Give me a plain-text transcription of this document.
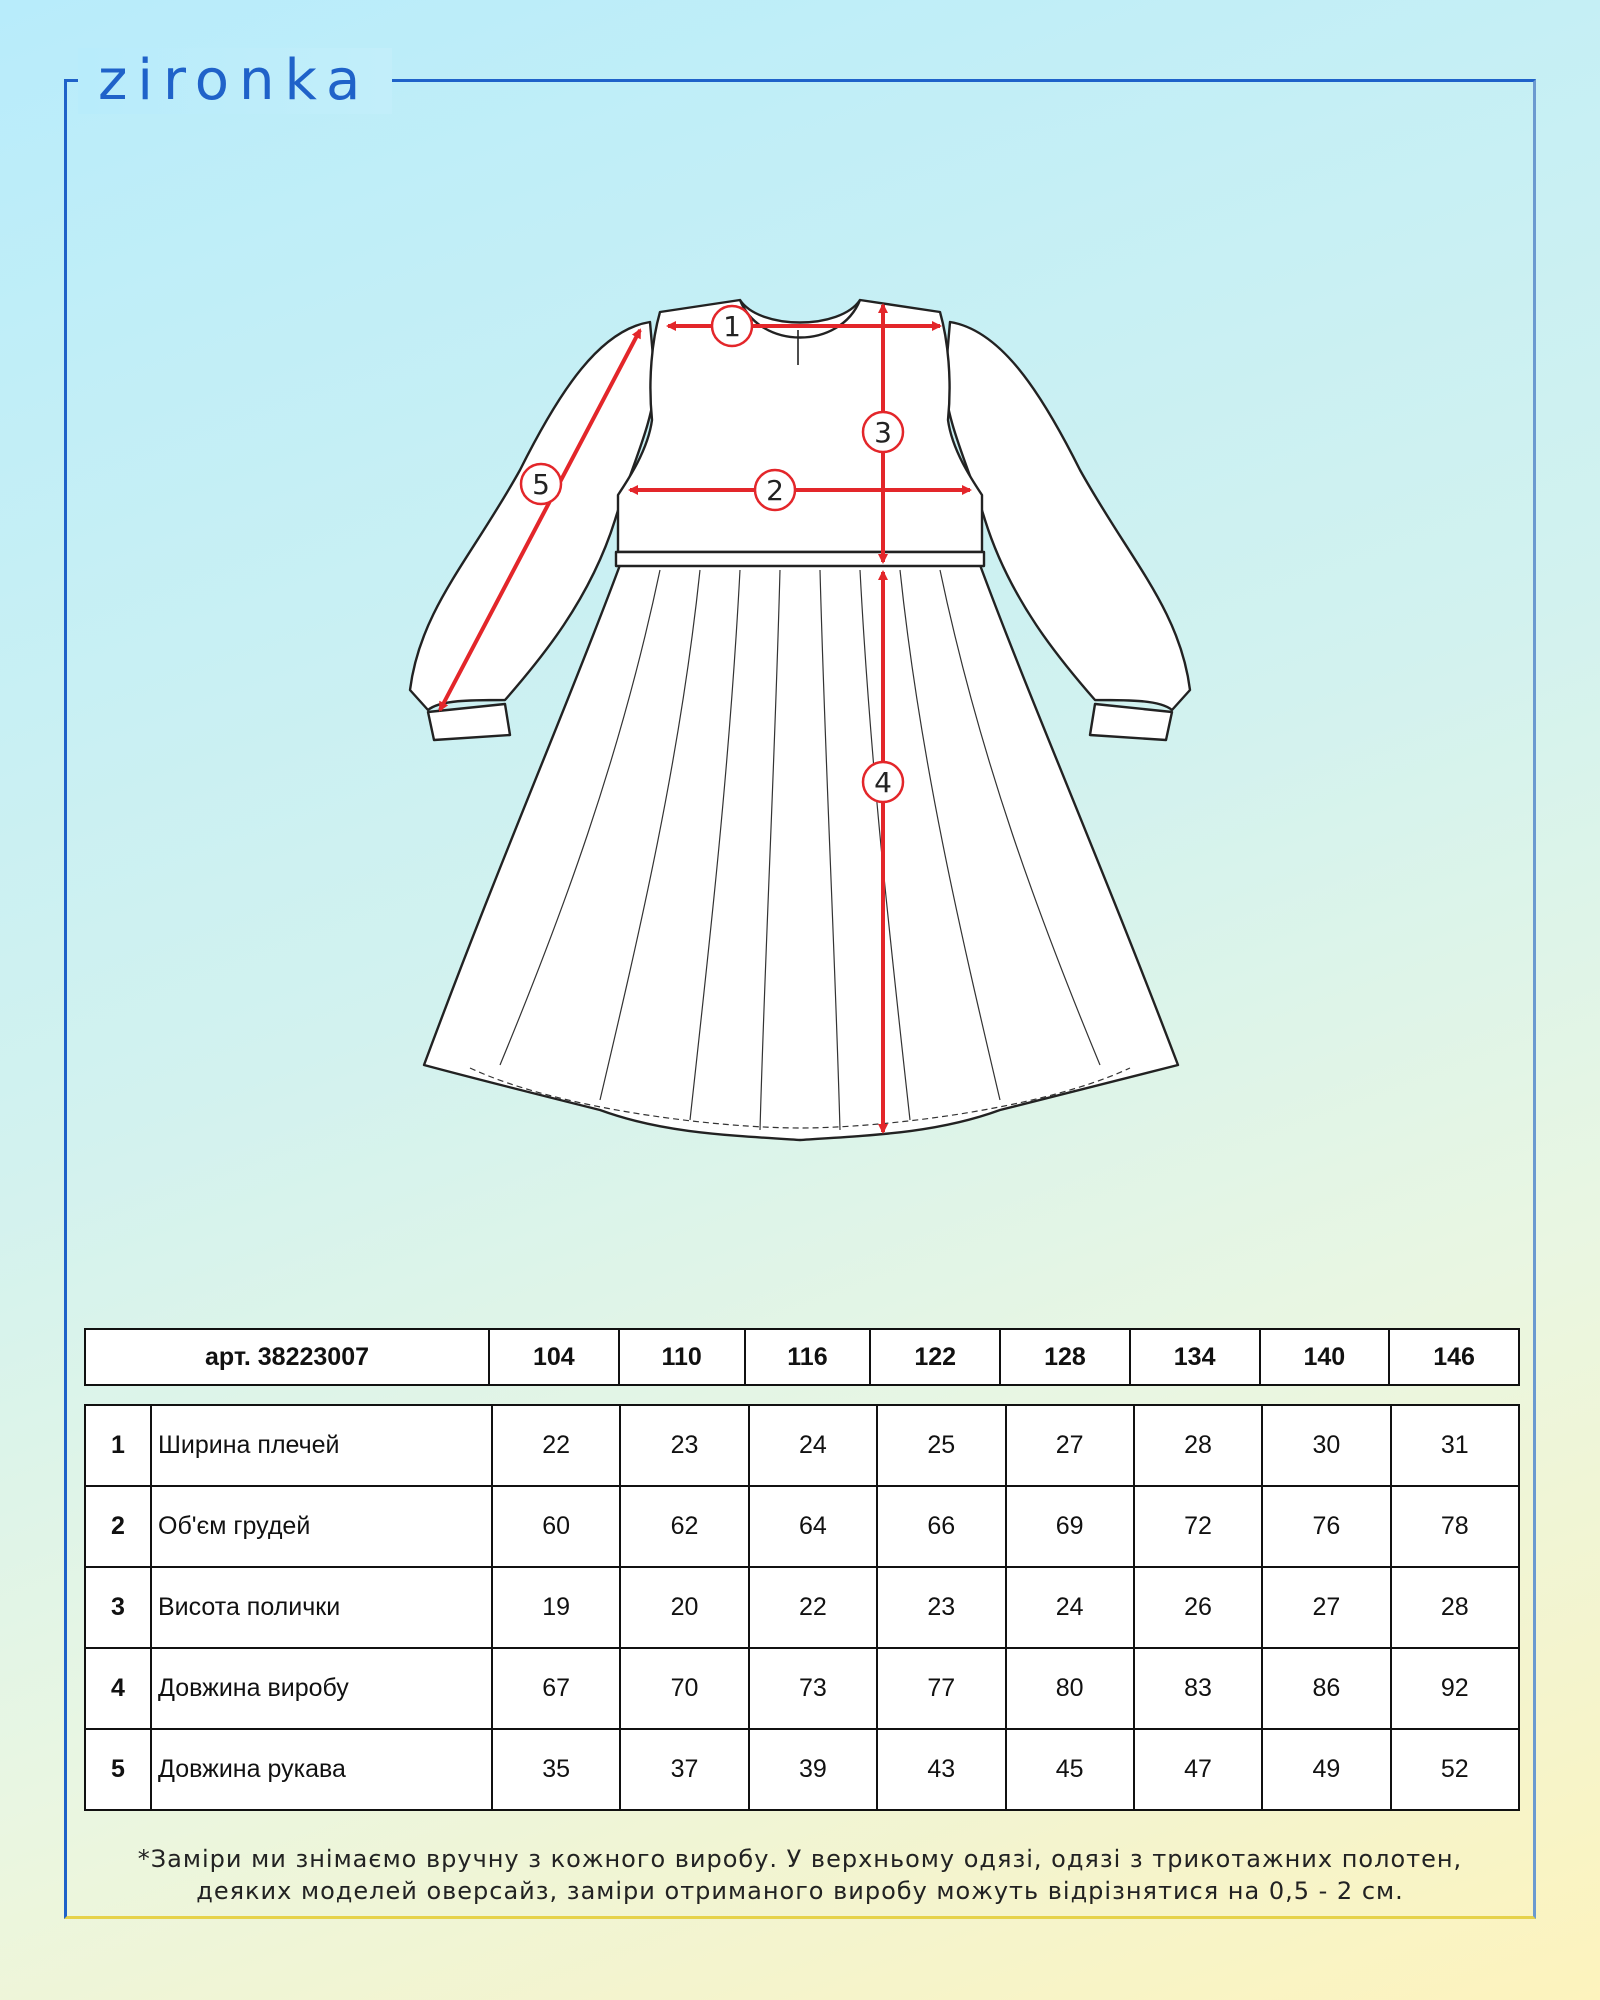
zironka
1
2
3
4
5
арт. 38223007	104	110	116	122	128	134	140	146
1	Ширина плечей	22	23	24	25	27	28	30	31
2	Об'єм грудей	60	62	64	66	69	72	76	78
3	Висота полички	19	20	22	23	24	26	27	28
4	Довжина виробу	67	70	73	77	80	83	86	92
5	Довжина рукава	35	37	39	43	45	47	49	52
*Заміри ми знімаємо вручну з кожного виробу. У верхньому одязі, одязі з трикотажних полотен,
деяких моделей оверсайз, заміри отриманого виробу можуть відрізнятися на 0,5 - 2 см.
